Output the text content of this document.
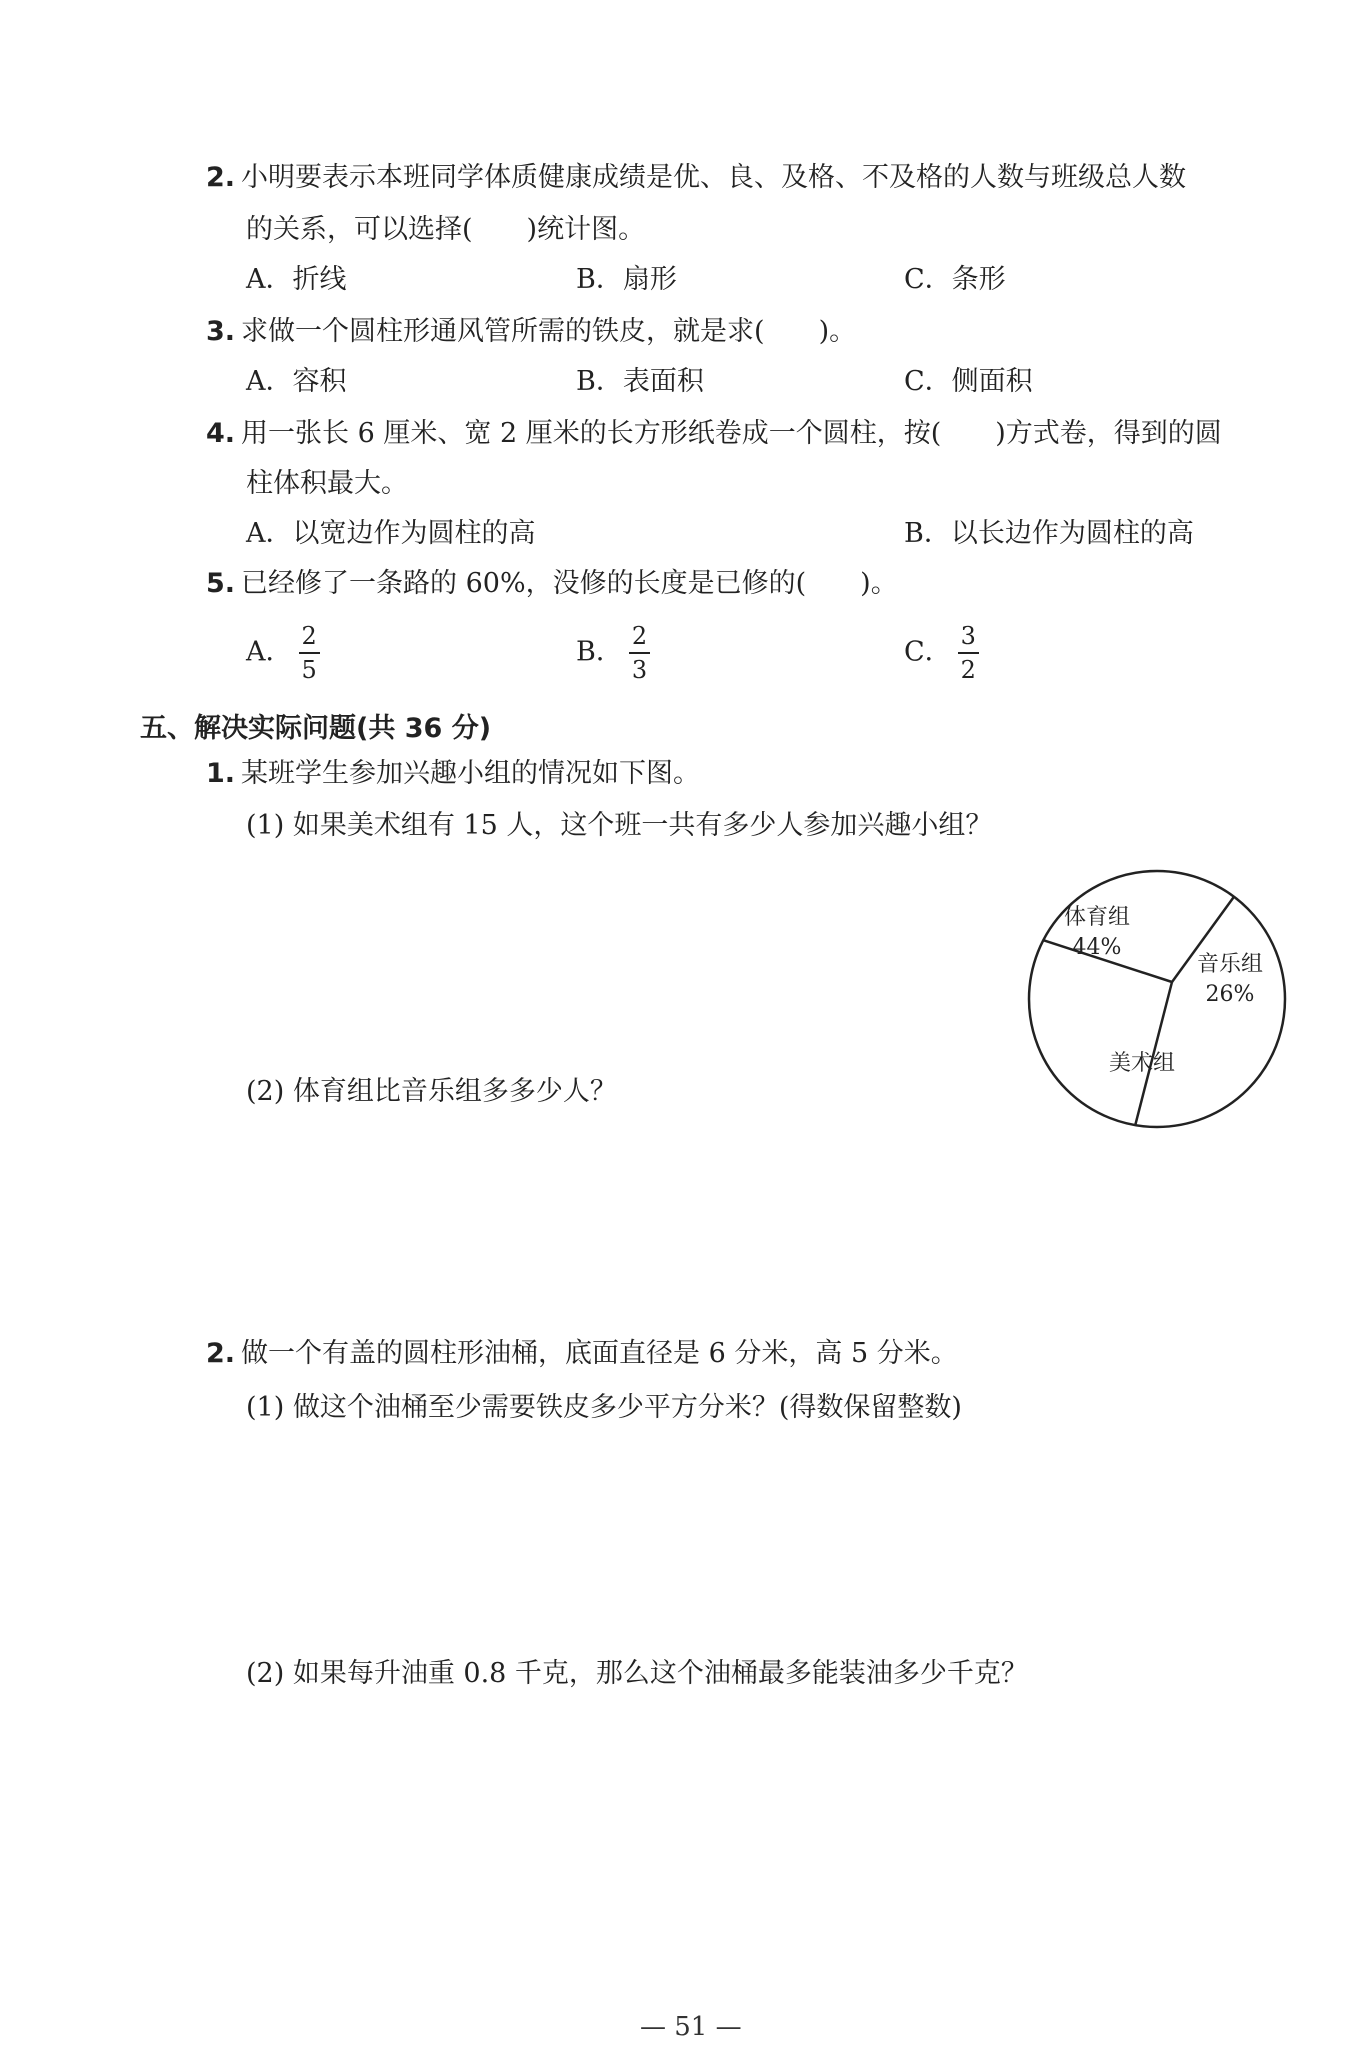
2. 小明要表示本班同学体质健康成绩是优、良、及格、不及格的人数与班级总人数
的关系，可以选择(　　)统计图。
A．折线	B．扇形	C．条形
3. 求做一个圆柱形通风管所需的铁皮，就是求(　　)。
A．容积	B．表面积	C．侧面积
4. 用一张长 6 厘米、宽 2 厘米的长方形纸卷成一个圆柱，按(　　)方式卷，得到的圆
柱体积最大。
A．以宽边作为圆柱的高	B．以长边作为圆柱的高
5. 已经修了一条路的 60%，没修的长度是已修的(　　)。
A． $\frac{2}{5}$	B． $\frac{2}{3}$	C． $\frac{3}{2}$
五、解决实际问题(共 36 分)
1. 某班学生参加兴趣小组的情况如下图。
(1) 如果美术组有 15 人，这个班一共有多少人参加兴趣小组？
(2) 体育组比音乐组多多少人？
体育组
44%
音乐组
26%
美术组
2. 做一个有盖的圆柱形油桶，底面直径是 6 分米，高 5 分米。
(1) 做这个油桶至少需要铁皮多少平方分米？(得数保留整数)
(2) 如果每升油重 0.8 千克，那么这个油桶最多能装油多少千克？
— 51 —
